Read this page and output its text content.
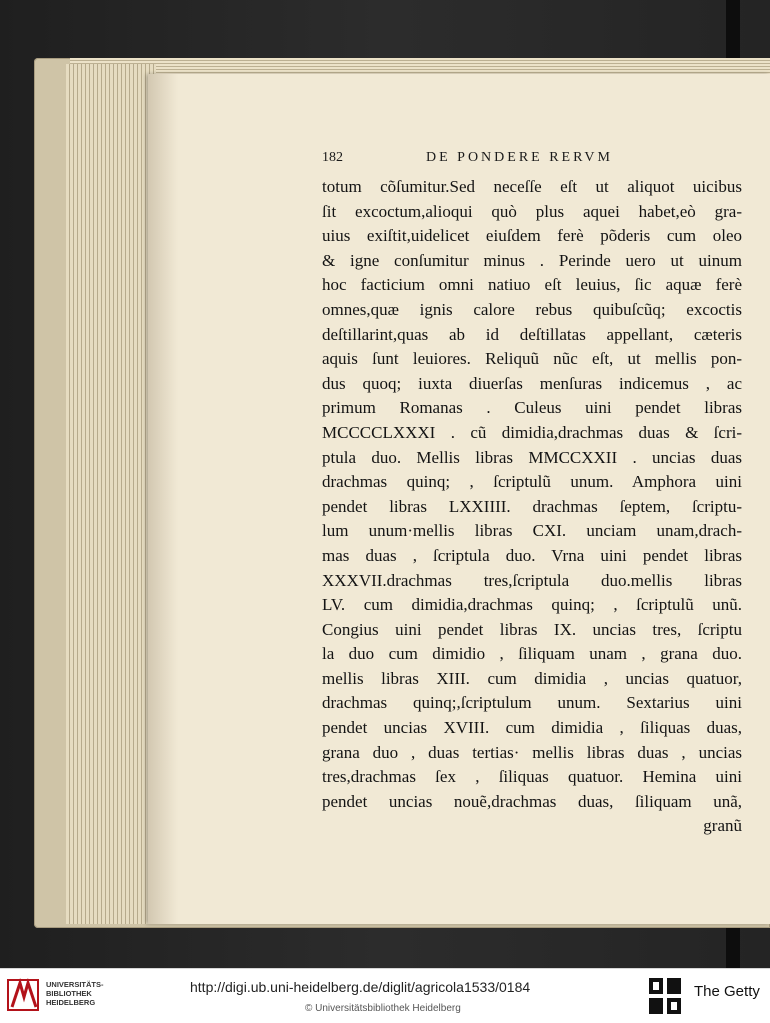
182	DE PONDERE RERVM
totum cõſumitur.Sed neceſſe eſt ut aliquot uicibus
ſit excoctum,alioqui quò plus aquei habet,eò gra-
uius exiſtit,uidelicet eiuſdem ferè põderis cum oleo
& igne conſumitur minus . Perinde uero ut uinum
hoc facticium omni natiuo eſt leuius, ſic aquæ ferè
omnes,quæ ignis calore rebus quibuſcũq; excoctis
deſtillarint,quas ab id deſtillatas appellant, cæteris
aquis ſunt leuiores. Reliquũ nũc eſt, ut mellis pon-
dus quoq; iuxta diuerſas menſuras indicemus , ac
primum Romanas . Culeus uini pendet libras
MCCCCLXXXI . cũ dimidia,drachmas duas & ſcri-
ptula duo. Mellis libras MMCCXXII . uncias duas
drachmas quinq; , ſcriptulũ unum. Amphora uini
pendet libras LXXIIII. drachmas ſeptem, ſcriptu-
lum unum·mellis libras CXI. unciam unam,drach-
mas duas , ſcriptula duo. Vrna uini pendet libras
XXXVII.drachmas tres,ſcriptula duo.mellis libras
LV. cum dimidia,drachmas quinq; , ſcriptulũ unũ.
Congius uini pendet libras IX. uncias tres, ſcriptu
la duo cum dimidio , ſiliquam unam , grana duo.
mellis libras XIII. cum dimidia , uncias quatuor,
drachmas quinq;,ſcriptulum unum. Sextarius uini
pendet uncias XVIII. cum dimidia , ſiliquas duas,
grana duo , duas tertias· mellis libras duas , uncias
tres,drachmas ſex , ſiliquas quatuor. Hemina uini
pendet uncias nouẽ,drachmas duas, ſiliquam unã,
granũ
UNIVERSITÄTS-
BIBLIOTHEK
HEIDELBERG
http://digi.ub.uni-heidelberg.de/diglit/agricola1533/0184
© Universitätsbibliothek Heidelberg
The Getty
